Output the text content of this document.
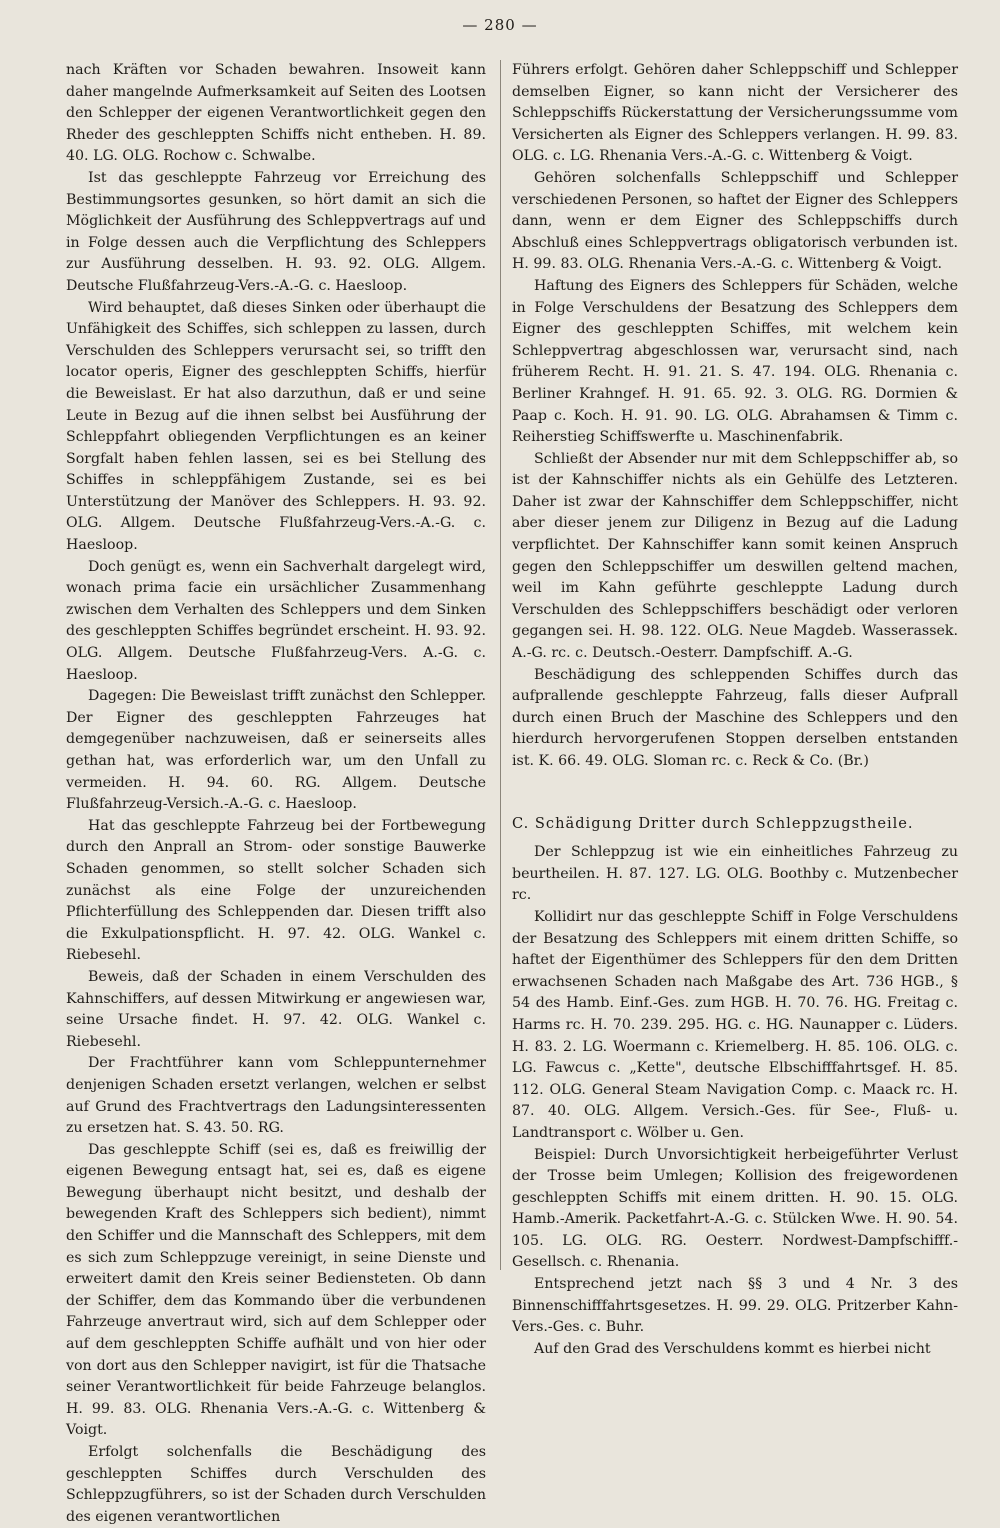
— 280 —

nach Kräften vor Schaden bewahren. Insoweit kann daher mangelnde Aufmerksamkeit auf Seiten des Lootsen den Schlepper der eigenen Verantwortlichkeit gegen den Rheder des geschleppten Schiffs nicht entheben. H. 89. 40. LG. OLG. Rochow c. Schwalbe.

Ist das geschleppte Fahrzeug vor Erreichung des Bestimmungsortes gesunken, so hört damit an sich die Möglichkeit der Ausführung des Schleppvertrags auf und in Folge dessen auch die Verpflichtung des Schleppers zur Ausführung desselben. H. 93. 92. OLG. Allgem. Deutsche Flußfahrzeug-Vers.-A.-G. c. Haesloop.

Wird behauptet, daß dieses Sinken oder überhaupt die Unfähigkeit des Schiffes, sich schleppen zu lassen, durch Verschulden des Schleppers verursacht sei, so trifft den locator operis, Eigner des geschleppten Schiffs, hierfür die Beweislast. Er hat also darzuthun, daß er und seine Leute in Bezug auf die ihnen selbst bei Ausführung der Schleppfahrt obliegenden Verpflichtungen es an keiner Sorgfalt haben fehlen lassen, sei es bei Stellung des Schiffes in schleppfähigem Zustande, sei es bei Unterstützung der Manöver des Schleppers. H. 93. 92. OLG. Allgem. Deutsche Flußfahrzeug-Vers.-A.-G. c. Haesloop.

Doch genügt es, wenn ein Sachverhalt dargelegt wird, wonach prima facie ein ursächlicher Zusammenhang zwischen dem Verhalten des Schleppers und dem Sinken des geschleppten Schiffes begründet erscheint. H. 93. 92. OLG. Allgem. Deutsche Flußfahrzeug-Vers. A.-G. c. Haesloop.

Dagegen: Die Beweislast trifft zunächst den Schlepper. Der Eigner des geschleppten Fahrzeuges hat demgegenüber nachzuweisen, daß er seinerseits alles gethan hat, was erforderlich war, um den Unfall zu vermeiden. H. 94. 60. RG. Allgem. Deutsche Flußfahrzeug-Versich.-A.-G. c. Haesloop.

Hat das geschleppte Fahrzeug bei der Fortbewegung durch den Anprall an Strom- oder sonstige Bauwerke Schaden genommen, so stellt solcher Schaden sich zunächst als eine Folge der unzureichenden Pflichterfüllung des Schleppenden dar. Diesen trifft also die Exkulpationspflicht. H. 97. 42. OLG. Wankel c. Riebesehl.

Beweis, daß der Schaden in einem Verschulden des Kahnschiffers, auf dessen Mitwirkung er angewiesen war, seine Ursache findet. H. 97. 42. OLG. Wankel c. Riebesehl.

Der Frachtführer kann vom Schleppunternehmer denjenigen Schaden ersetzt verlangen, welchen er selbst auf Grund des Frachtvertrags den Ladungsinteressenten zu ersetzen hat. S. 43. 50. RG.

Das geschleppte Schiff (sei es, daß es freiwillig der eigenen Bewegung entsagt hat, sei es, daß es eigene Bewegung überhaupt nicht besitzt, und deshalb der bewegenden Kraft des Schleppers sich bedient), nimmt den Schiffer und die Mannschaft des Schleppers, mit dem es sich zum Schleppzuge vereinigt, in seine Dienste und erweitert damit den Kreis seiner Bediensteten. Ob dann der Schiffer, dem das Kommando über die verbundenen Fahrzeuge anvertraut wird, sich auf dem Schlepper oder auf dem geschleppten Schiffe aufhält und von hier oder von dort aus den Schlepper navigirt, ist für die Thatsache seiner Verantwortlichkeit für beide Fahrzeuge belanglos. H. 99. 83. OLG. Rhenania Vers.-A.-G. c. Wittenberg & Voigt.

Erfolgt solchenfalls die Beschädigung des geschleppten Schiffes durch Verschulden des Schleppzugführers, so ist der Schaden durch Verschulden des eigenen verantwortlichen

Führers erfolgt. Gehören daher Schleppschiff und Schlepper demselben Eigner, so kann nicht der Versicherer des Schleppschiffs Rückerstattung der Versicherungssumme vom Versicherten als Eigner des Schleppers verlangen. H. 99. 83. OLG. c. LG. Rhenania Vers.-A.-G. c. Wittenberg & Voigt.

Gehören solchenfalls Schleppschiff und Schlepper verschiedenen Personen, so haftet der Eigner des Schleppers dann, wenn er dem Eigner des Schleppschiffs durch Abschluß eines Schleppvertrags obligatorisch verbunden ist. H. 99. 83. OLG. Rhenania Vers.-A.-G. c. Wittenberg & Voigt.

Haftung des Eigners des Schleppers für Schäden, welche in Folge Verschuldens der Besatzung des Schleppers dem Eigner des geschleppten Schiffes, mit welchem kein Schleppvertrag abgeschlossen war, verursacht sind, nach früherem Recht. H. 91. 21. S. 47. 194. OLG. Rhenania c. Berliner Krahngef. H. 91. 65. 92. 3. OLG. RG. Dormien & Paap c. Koch. H. 91. 90. LG. OLG. Abrahamsen & Timm c. Reiherstieg Schiffswerfte u. Maschinenfabrik.

Schließt der Absender nur mit dem Schleppschiffer ab, so ist der Kahnschiffer nichts als ein Gehülfe des Letzteren. Daher ist zwar der Kahnschiffer dem Schleppschiffer, nicht aber dieser jenem zur Diligenz in Bezug auf die Ladung verpflichtet. Der Kahnschiffer kann somit keinen Anspruch gegen den Schleppschiffer um deswillen geltend machen, weil im Kahn geführte geschleppte Ladung durch Verschulden des Schleppschiffers beschädigt oder verloren gegangen sei. H. 98. 122. OLG. Neue Magdeb. Wasserassek. A.-G. rc. c. Deutsch.-Oesterr. Dampfschiff. A.-G.

Beschädigung des schleppenden Schiffes durch das aufprallende geschleppte Fahrzeug, falls dieser Aufprall durch einen Bruch der Maschine des Schleppers und den hierdurch hervorgerufenen Stoppen derselben entstanden ist. K. 66. 49. OLG. Sloman rc. c. Reck & Co. (Br.)

C. Schädigung Dritter durch Schleppzugstheile.

Der Schleppzug ist wie ein einheitliches Fahrzeug zu beurtheilen. H. 87. 127. LG. OLG. Boothby c. Mutzenbecher rc.

Kollidirt nur das geschleppte Schiff in Folge Verschuldens der Besatzung des Schleppers mit einem dritten Schiffe, so haftet der Eigenthümer des Schleppers für den dem Dritten erwachsenen Schaden nach Maßgabe des Art. 736 HGB., § 54 des Hamb. Einf.-Ges. zum HGB. H. 70. 76. HG. Freitag c. Harms rc. H. 70. 239. 295. HG. c. HG. Naunapper c. Lüders. H. 83. 2. LG. Woermann c. Kriemelberg. H. 85. 106. OLG. c. LG. Fawcus c. „Kette", deutsche Elbschifffahrtsgef. H. 85. 112. OLG. General Steam Navigation Comp. c. Maack rc. H. 87. 40. OLG. Allgem. Versich.-Ges. für See-, Fluß- u. Landtransport c. Wölber u. Gen.

Beispiel: Durch Unvorsichtigkeit herbeigeführter Verlust der Trosse beim Umlegen; Kollision des freigewordenen geschleppten Schiffs mit einem dritten. H. 90. 15. OLG. Hamb.-Amerik. Packetfahrt-A.-G. c. Stülcken Wwe. H. 90. 54. 105. LG. OLG. RG. Oesterr. Nordwest-Dampfschifff.-Gesellsch. c. Rhenania.

Entsprechend jetzt nach §§ 3 und 4 Nr. 3 des Binnenschifffahrtsgesetzes. H. 99. 29. OLG. Pritzerber Kahn-Vers.-Ges. c. Buhr.

Auf den Grad des Verschuldens kommt es hierbei nicht
